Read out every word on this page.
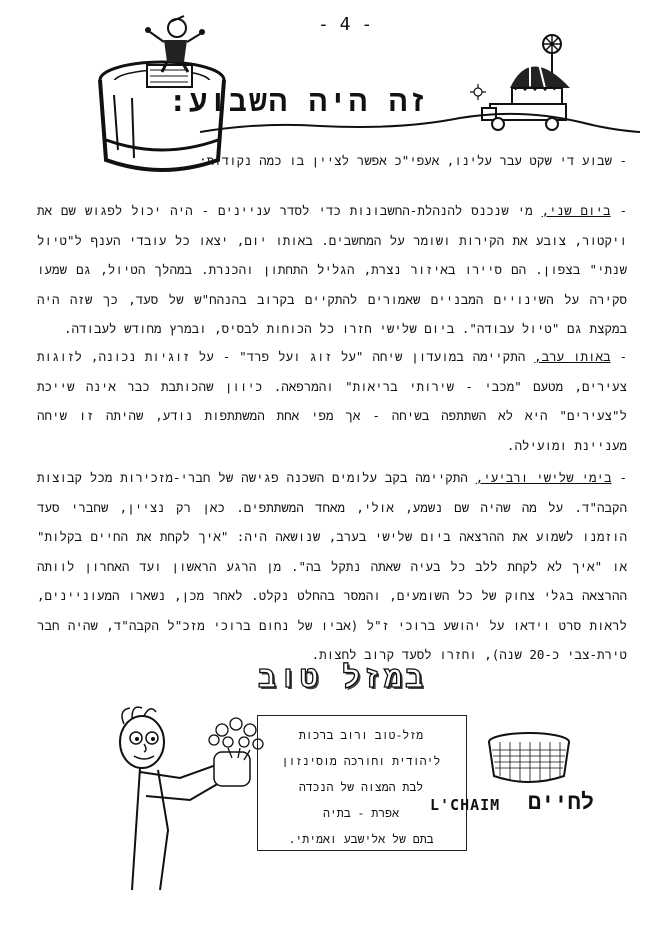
- 4 -
זה היה השבוע:
- שבוע די שקט עבר עלינו, אעפי"כ אפשר לציין בו כמה נקודות:
- ביום שני, מי שנכנס להנהלת-החשבונות כדי לסדר עניינים - היה יכול לפגוש שם את ויקטור, צובע את הקירות ושומר על המחשבים. באותו יום, יצאו כל עובדי הענף ל"טיול שנתי" בצפון. הם סיירו באיזור נצרת, הגליל התחתון והכנרת. במהלך הטיול, גם שמעו סקירה על השינויים המבניים שאמורים להתקיים בקרוב בהנהח"ש של סעד, כך שזה היה במקצת גם "טיול עבודה". ביום שלישי חזרו כל הכוחות לבסיס, ובמרץ מחודש לעבודה.
- באותו ערב, התקיימה במועדון שיחה "על זוג ועל פרד" - על זוגיות נכונה, לזוגות צעירים, מטעם "מכבי - שירותי בריאות" והמרפאה. כיוון שהכותבת כבר אינה שייכת ל"צעירים" היא לא השתתפה בשיחה - אך מפי אחת המשתתפות נודע, שהיתה זו שיחה מעניינת ומועילה.
- בימי שלישי ורביעי, התקיימה בקב עלומים השכנה פגישה של חברי-מזכירות מכל קבוצות הקבה"ד. על מה שהיה שם נשמע, אולי, מאחד המשתתפים. כאן רק נציין, שחברי סעד הוזמנו לשמוע את ההרצאה ביום שלישי בערב, שנושאה היה: "איך לקחת את החיים בקלות" או "איך לא לקחת ללב כל בעיה שאתה נתקל בה". מן הרגע הראשון ועד האחרון לוותה ההרצאה בגלי צחוק של כל השומעים, והמסר בהחלט נקלט. לאחר מכן, נשארו המעוניינים, לראות סרט וידאו על יהושע ברוכי ז"ל (אביו של נחום ברוכי מזכ"ל הקבה"ד, שהיה חבר טירת-צבי כ-20 שנה), וחזרו לסעד קרוב לחצות.
במזל טוב
מזל-טוב ורוב ברכות
ליהודית וחורכה מוסינזון
לבת המצוה של הנכדה
אפרת - בתיה
בתם של אלישבע ואמיתי.
L'CHAIM לחיים
